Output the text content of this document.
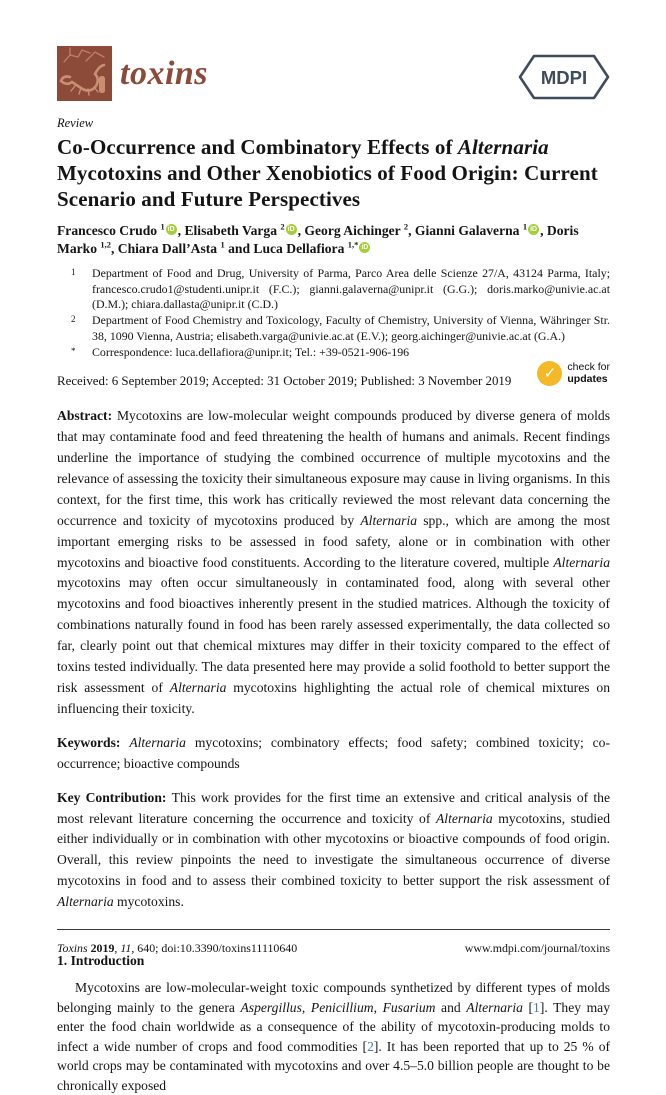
toxins	MDPI
Review
Co-Occurrence and Combinatory Effects of Alternaria Mycotoxins and Other Xenobiotics of Food Origin: Current Scenario and Future Perspectives
Francesco Crudo $^1$ iD , Elisabeth Varga $^2$ iD , Georg Aichinger $^2$, Gianni Galaverna $^1$ iD , Doris Marko $^{1,2}$, Chiara Dall’Asta $^1$ and Luca Dellafiora $^{1,*}$ iD
1	Department of Food and Drug, University of Parma, Parco Area delle Scienze 27/A, 43124 Parma, Italy; francesco.crudo1@studenti.unipr.it (F.C.); gianni.galaverna@unipr.it (G.G.); doris.marko@univie.ac.at (D.M.); chiara.dallasta@unipr.it (C.D.)
2	Department of Food Chemistry and Toxicology, Faculty of Chemistry, University of Vienna, Währinger Str. 38, 1090 Vienna, Austria; elisabeth.varga@univie.ac.at (E.V.); georg.aichinger@univie.ac.at (G.A.)
*	Correspondence: luca.dellafiora@unipr.it; Tel.: +39-0521-906-196
Received: 6 September 2019; Accepted: 31 October 2019; Published: 3 November 2019	✓	check for
updates
Abstract: Mycotoxins are low-molecular weight compounds produced by diverse genera of molds that may contaminate food and feed threatening the health of humans and animals. Recent findings underline the importance of studying the combined occurrence of multiple mycotoxins and the relevance of assessing the toxicity their simultaneous exposure may cause in living organisms. In this context, for the first time, this work has critically reviewed the most relevant data concerning the occurrence and toxicity of mycotoxins produced by Alternaria spp., which are among the most important emerging risks to be assessed in food safety, alone or in combination with other mycotoxins and bioactive food constituents. According to the literature covered, multiple Alternaria mycotoxins may often occur simultaneously in contaminated food, along with several other mycotoxins and food bioactives inherently present in the studied matrices. Although the toxicity of combinations naturally found in food has been rarely assessed experimentally, the data collected so far, clearly point out that chemical mixtures may differ in their toxicity compared to the effect of toxins tested individually. The data presented here may provide a solid foothold to better support the risk assessment of Alternaria mycotoxins highlighting the actual role of chemical mixtures on influencing their toxicity.
Keywords: Alternaria mycotoxins; combinatory effects; food safety; combined toxicity; co-occurrence; bioactive compounds
Key Contribution: This work provides for the first time an extensive and critical analysis of the most relevant literature concerning the occurrence and toxicity of Alternaria mycotoxins, studied either individually or in combination with other mycotoxins or bioactive compounds of food origin. Overall, this review pinpoints the need to investigate the simultaneous occurrence of diverse mycotoxins in food and to assess their combined toxicity to better support the risk assessment of Alternaria mycotoxins.
1. Introduction
Mycotoxins are low-molecular-weight toxic compounds synthetized by different types of molds belonging mainly to the genera Aspergillus, Penicillium, Fusarium and Alternaria [1]. They may enter the food chain worldwide as a consequence of the ability of mycotoxin-producing molds to infect a wide number of crops and food commodities [2]. It has been reported that up to 25 % of world crops may be contaminated with mycotoxins and over 4.5–5.0 billion people are thought to be chronically exposed
Toxins 2019, 11, 640; doi:10.3390/toxins11110640	www.mdpi.com/journal/toxins
